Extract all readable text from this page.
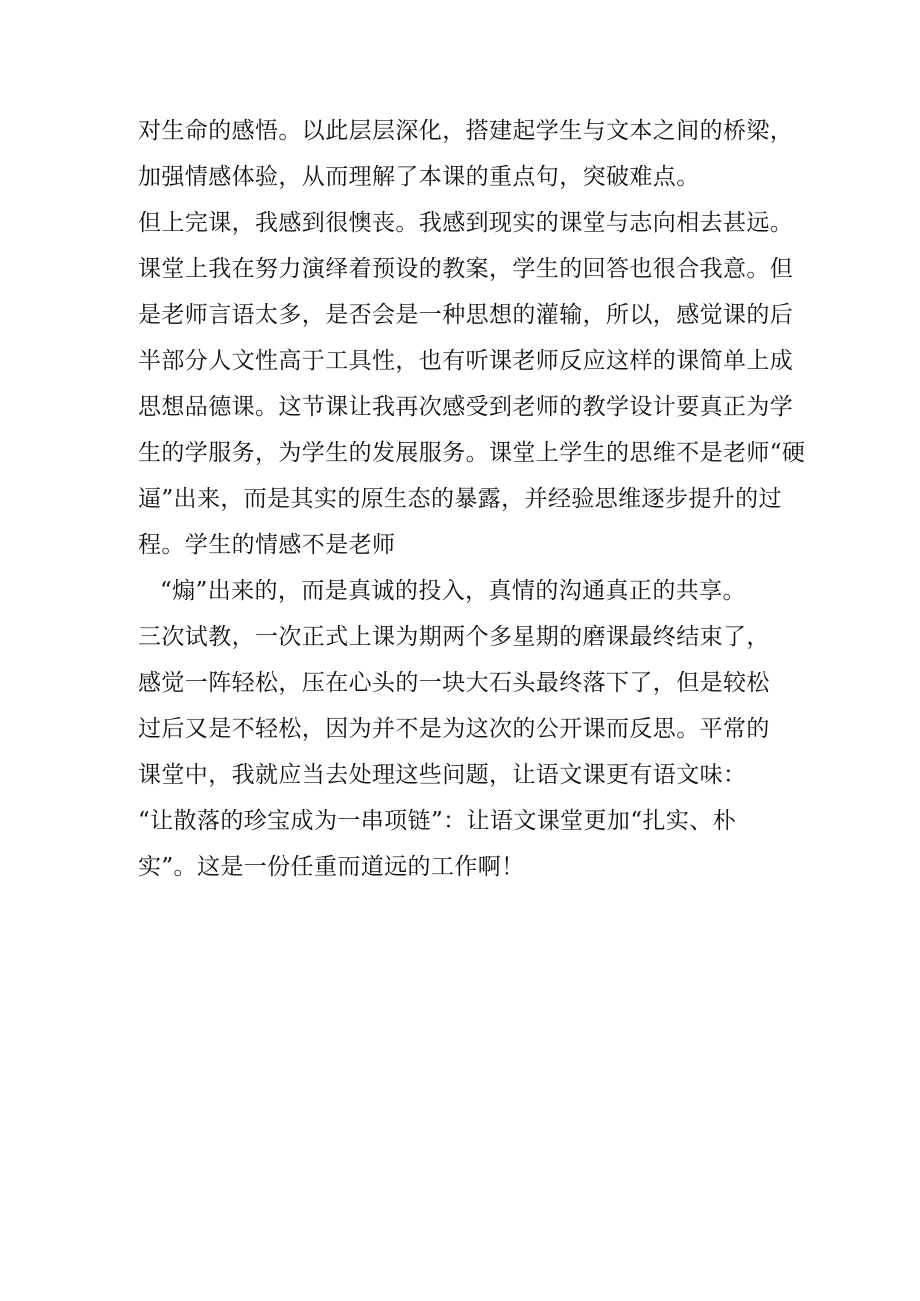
对生命的感悟。以此层层深化，搭建起学生与文本之间的桥梁，
加强情感体验，从而理解了本课的重点句，突破难点。
但上完课，我感到很懊丧。我感到现实的课堂与志向相去甚远。
课堂上我在努力演绎着预设的教案，学生的回答也很合我意。但
是老师言语太多，是否会是一种思想的灌输，所以，感觉课的后
半部分人文性高于工具性，也有听课老师反应这样的课简单上成
思想品德课。这节课让我再次感受到老师的教学设计要真正为学
生的学服务，为学生的发展服务。课堂上学生的思维不是老师“硬
逼”出来，而是其实的原生态的暴露，并经验思维逐步提升的过
程。学生的情感不是老师
“煽”出来的，而是真诚的投入，真情的沟通真正的共享。
三次试教，一次正式上课为期两个多星期的磨课最终结束了，
感觉一阵轻松，压在心头的一块大石头最终落下了，但是较松
过后又是不轻松，因为并不是为这次的公开课而反思。平常的
课堂中，我就应当去处理这些问题，让语文课更有语文味：
“让散落的珍宝成为一串项链”：让语文课堂更加“扎实、朴
实”。这是一份任重而道远的工作啊！
